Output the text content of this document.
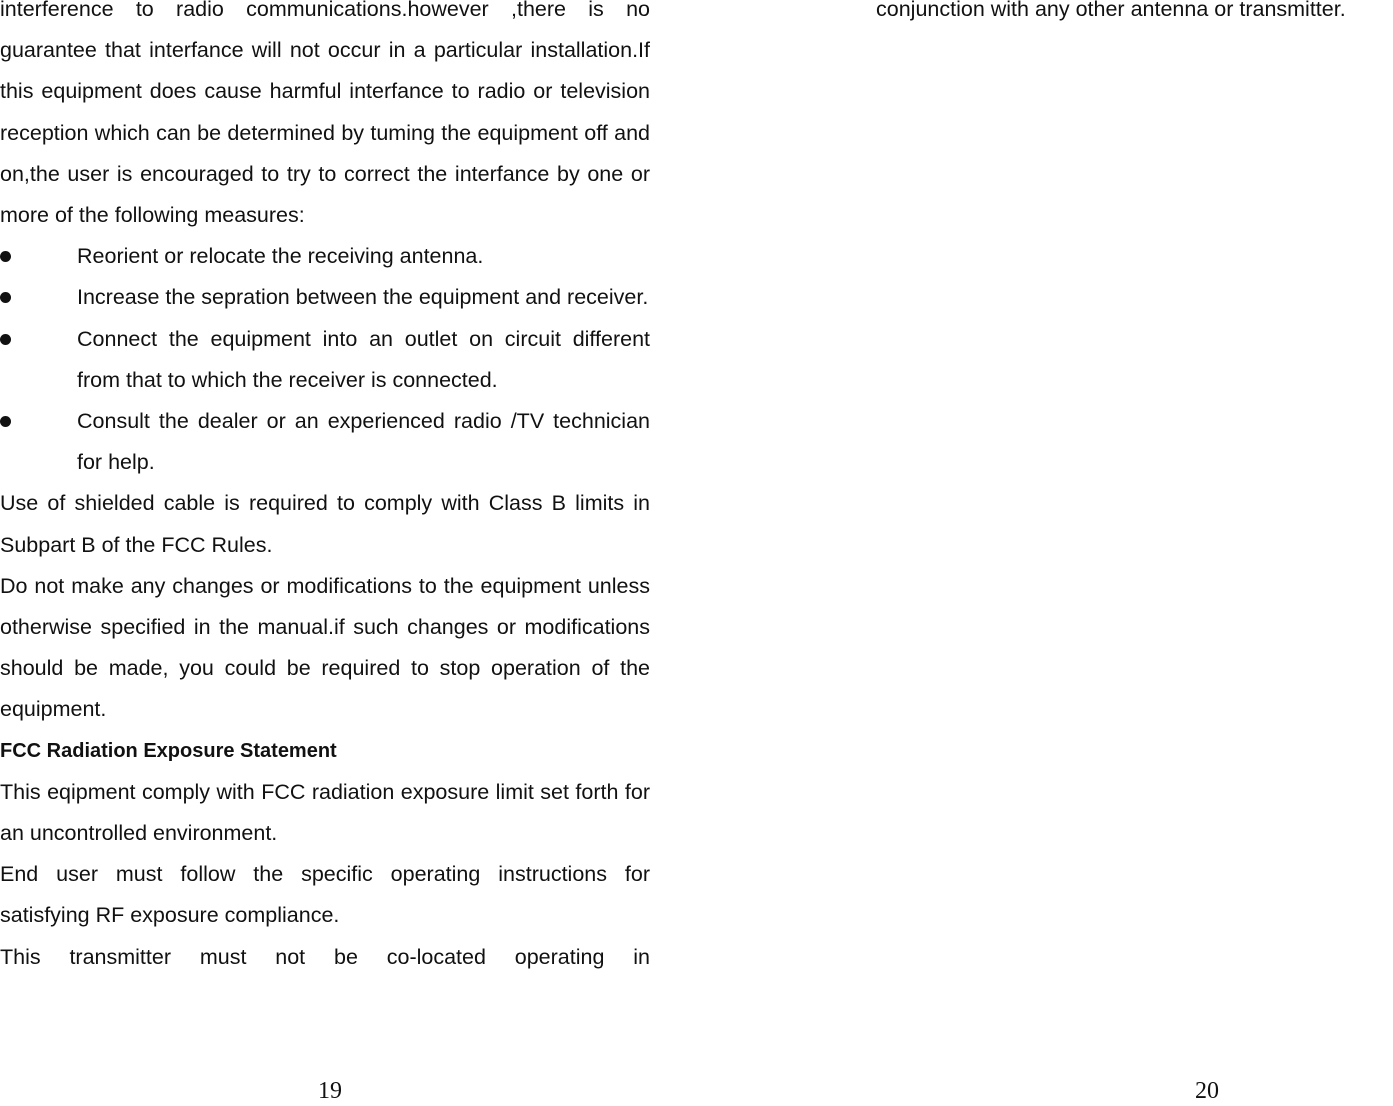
interference to radio communications.however ,there is no guarantee that interfance will not occur in a particular installation.If this equipment does cause harmful interfance to radio or television reception which can be determined by tuming the equipment off and on,the user is encouraged to try to correct the interfance by one or more of the following measures:

Reorient or relocate the receiving antenna.
Increase the sepration between the equipment and receiver.
Connect the equipment into an outlet on circuit different from that to which the receiver is connected.
Consult the dealer or an experienced radio /TV technician for help.

Use of shielded cable is required to comply with Class B limits in Subpart B of the FCC Rules.

Do not make any changes or modifications to the equipment unless otherwise specified in the manual.if such changes or modifications should be made, you could be required to stop operation of the equipment.

FCC Radiation Exposure Statement

This eqipment comply with FCC radiation exposure limit set forth for an uncontrolled environment.

End user must follow the specific operating instructions for satisfying RF exposure compliance.

This transmitter must not be co-located operating in

conjunction with any other antenna or transmitter.

19	20
